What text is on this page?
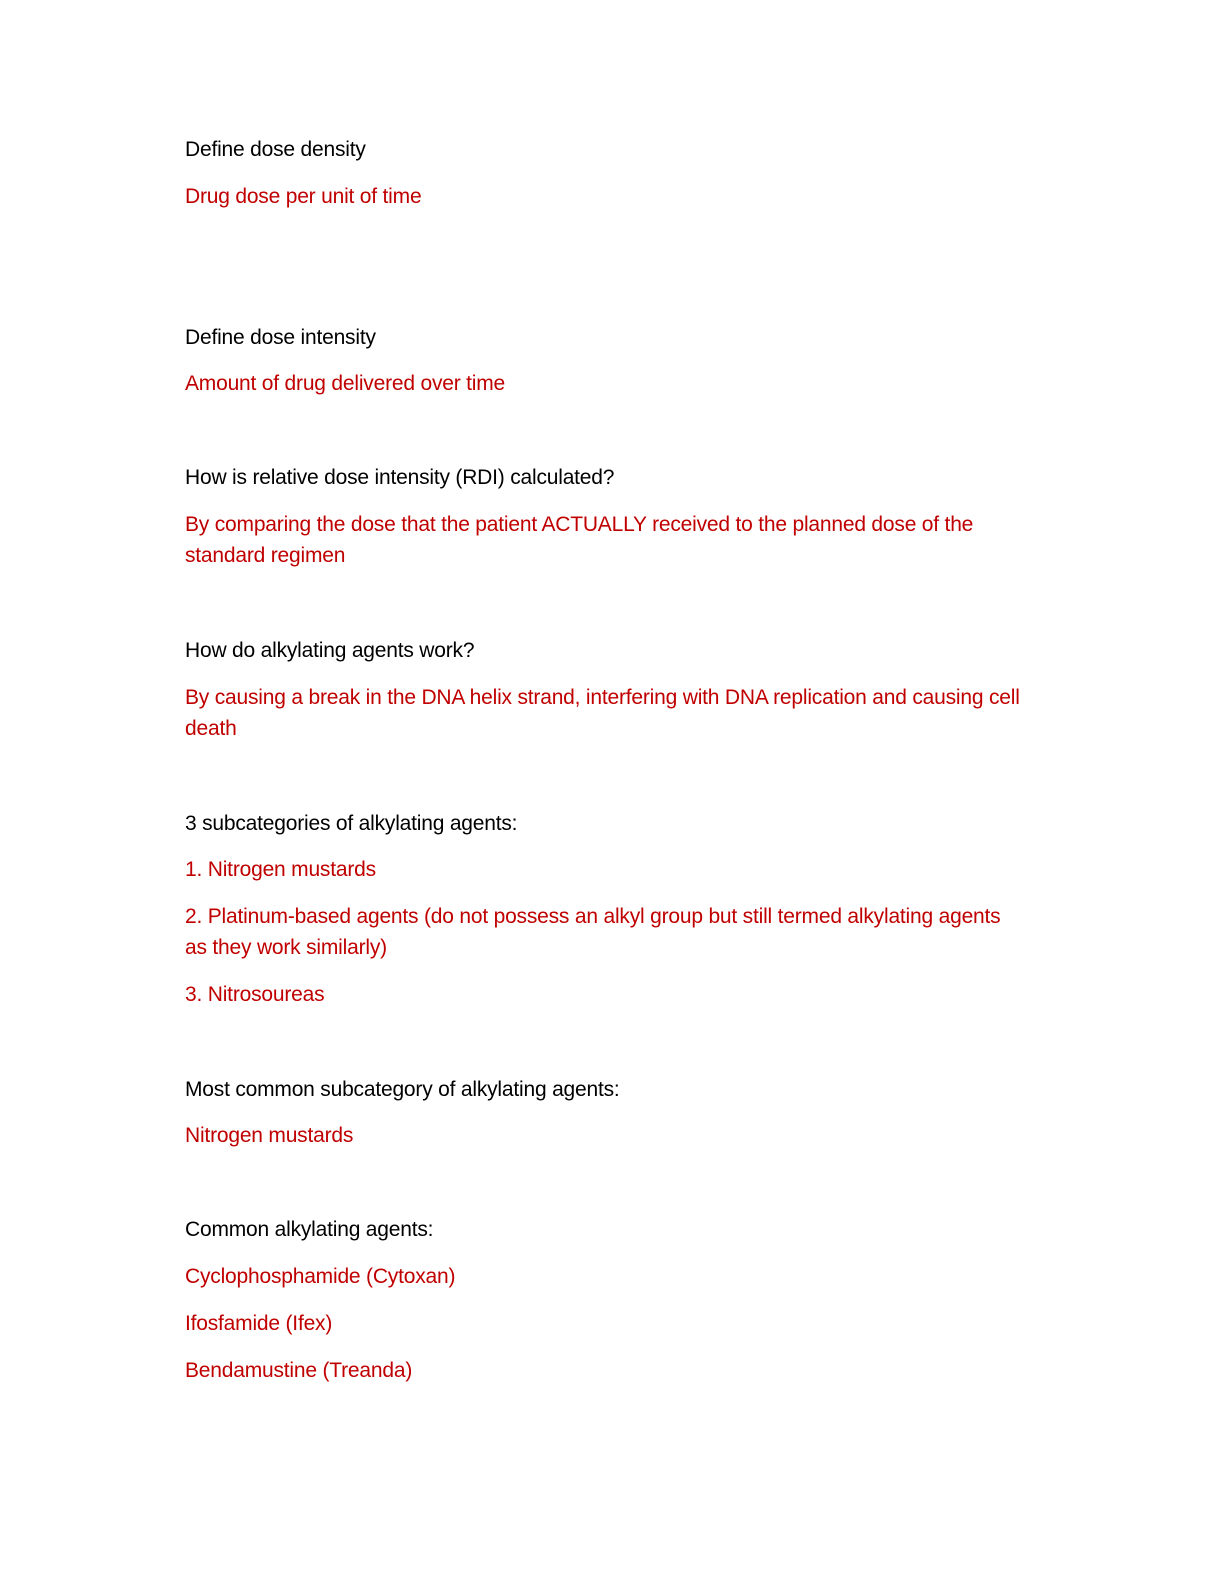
Define dose density
Drug dose per unit of time
Define dose intensity
Amount of drug delivered over time
How is relative dose intensity (RDI) calculated?
By comparing the dose that the patient ACTUALLY received to the planned dose of the standard regimen
How do alkylating agents work?
By causing a break in the DNA helix strand, interfering with DNA replication and causing cell death
3 subcategories of alkylating agents:
1. Nitrogen mustards
2. Platinum-based agents (do not possess an alkyl group but still termed alkylating agents as they work similarly)
3. Nitrosoureas
Most common subcategory of alkylating agents:
Nitrogen mustards
Common alkylating agents:
Cyclophosphamide (Cytoxan)
Ifosfamide (Ifex)
Bendamustine (Treanda)
